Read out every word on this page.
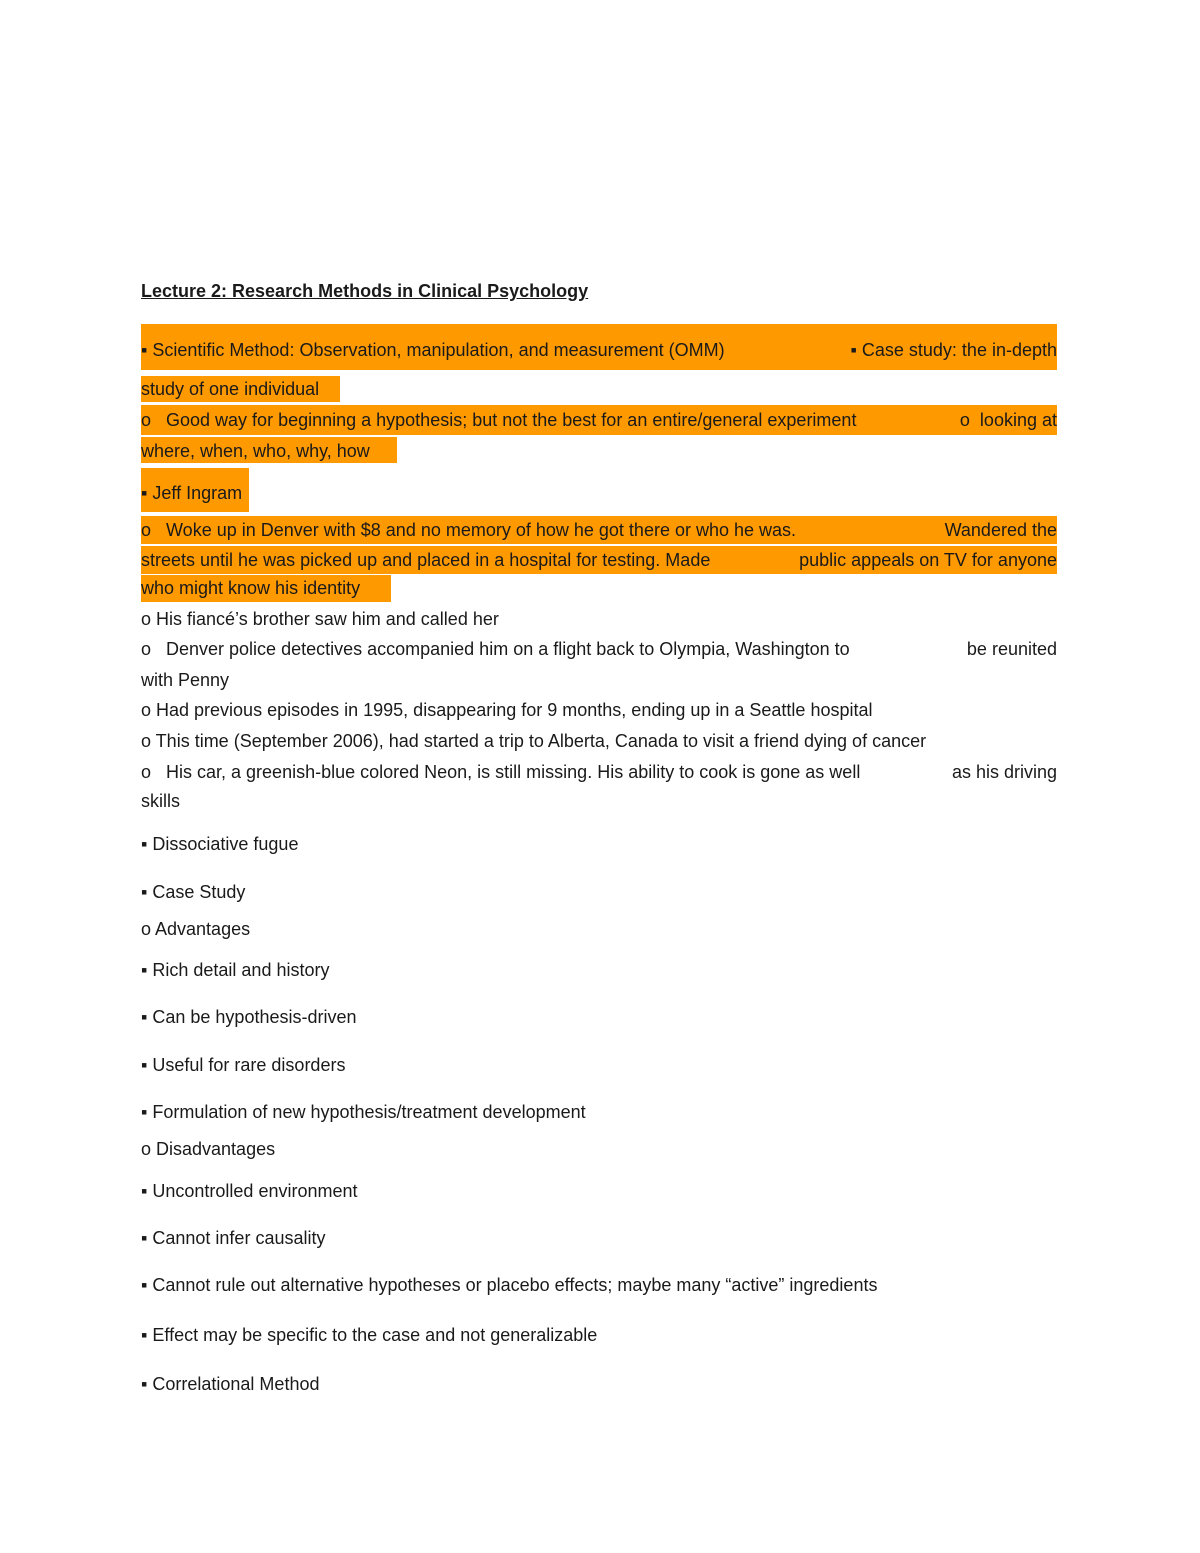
Lecture 2: Research Methods in Clinical Psychology
▪ Scientific Method: Observation, manipulation, and measurement (OMM)	▪ Case study: the in-depth
study of one individual
o   Good way for beginning a hypothesis; but not the best for an entire/general experiment	o  looking at
where, when, who, why, how
▪ Jeff Ingram
o   Woke up in Denver with $8 and no memory of how he got there or who he was.	Wandered the
streets until he was picked up and placed in a hospital for testing. Made	public appeals on TV for anyone
who might know his identity
o His fiancé’s brother saw him and called her
o   Denver police detectives accompanied him on a flight back to Olympia, Washington to	be reunited
with Penny
o Had previous episodes in 1995, disappearing for 9 months, ending up in a Seattle hospital
o This time (September 2006), had started a trip to Alberta, Canada to visit a friend dying of cancer
o   His car, a greenish-blue colored Neon, is still missing. His ability to cook is gone as well	as his driving
skills
▪ Dissociative fugue
▪ Case Study
o Advantages
▪ Rich detail and history
▪ Can be hypothesis-driven
▪ Useful for rare disorders
▪ Formulation of new hypothesis/treatment development
o Disadvantages
▪ Uncontrolled environment
▪ Cannot infer causality
▪ Cannot rule out alternative hypotheses or placebo effects; maybe many “active” ingredients
▪ Effect may be specific to the case and not generalizable
▪ Correlational Method
